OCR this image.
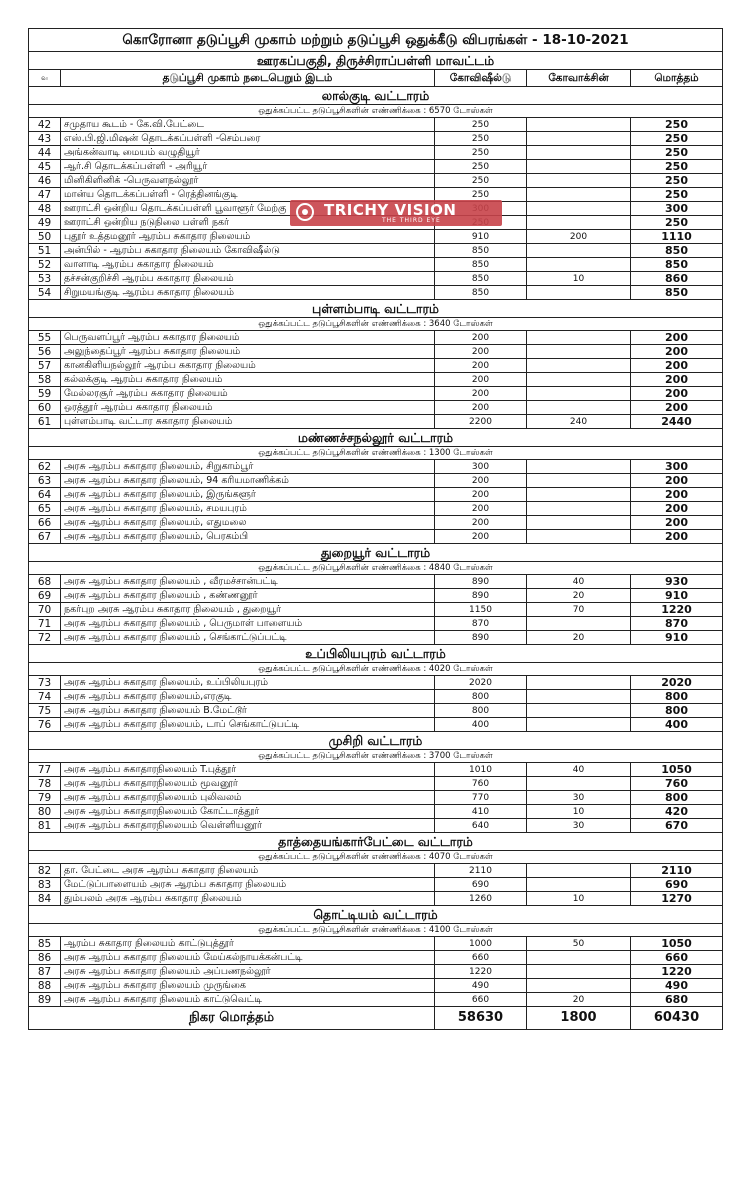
கொரோனா தடுப்பூசி முகாம் மற்றும் தடுப்பூசி ஒதுக்கீடு விபரங்கள் - 18-10-2021				
ஊரகப்பகுதி, திருச்சிராப்பள்ளி மாவட்டம்				
வ	தடுப்பூசி முகாம் நடைபெறும் இடம்	கோவிஷீல்டு	கோவாக்சின்	மொத்தம்
லால்குடி வட்டாரம்				
ஒதுக்கப்பட்ட தடுப்பூசிகளின் எண்ணிக்கை : 6570 டோஸ்கள்				
42	சமுதாய கூடம் - கே.வி.பேட்டை	250		250
43	எஸ்.பி.ஜி.மிஷன் தொடக்கப்பள்ளி -செம்பரை	250		250
44	அங்கன்வாடி மையம் வழுதியூர்	250		250
45	ஆர்.சி தொடக்கப்பள்ளி - அரியூர்	250		250
46	மினிகிளினிக் -பெருவளநல்லூர்	250		250
47	மான்ய தொடக்கப்பள்ளி - ரெத்தினங்குடி	250		250
48	ஊராட்சி ஒன்றிய தொடக்கப்பள்ளி பூவாளூர் மேற்கு			300
49	ஊராட்சி ஒன்றிய நடுநிலை பள்ளி நகர்			250
50	புதூர் உத்தமனூர் ஆரம்ப சுகாதார நிலையம்	910	200	1110
51	அன்பில் - ஆரம்ப சுகாதார நிலையம் கோவிஷீல்டு	850		850
52	வாளாடி ஆரம்ப சுகாதார நிலையம்	850		850
53	தச்சன்குறிச்சி ஆரம்ப சுகாதார நிலையம்	850	10	860
54	சிறுமயங்குடி ஆரம்ப சுகாதார நிலையம்	850		850
புள்ளம்பாடி வட்டாரம்				
ஒதுக்கப்பட்ட தடுப்பூசிகளின் எண்ணிக்கை : 3640 டோஸ்கள்				
55	பெருவளப்பூர் ஆரம்ப சுகாதார நிலையம்	200		200
56	அலுந்தைப்பூர் ஆரம்ப சுகாதார நிலையம்	200		200
57	கானகிளியநல்லூர் ஆரம்ப சுகாதார நிலையம்	200		200
58	கல்லக்குடி ஆரம்ப சுகாதார நிலையம்	200		200
59	மேல்லரசூர் ஆரம்ப சுகாதார நிலையம்	200		200
60	ஒரத்தூர் ஆரம்ப சுகாதார நிலையம்	200		200
61	புள்ளம்பாடி வட்டார சுகாதார நிலையம்	2200	240	2440
மண்ணச்சநல்லூர் வட்டாரம்				
ஒதுக்கப்பட்ட தடுப்பூசிகளின் எண்ணிக்கை : 1300 டோஸ்கள்				
62	அரசு ஆரம்ப சுகாதார நிலையம், சிறுகாம்பூர்	300		300
63	அரசு ஆரம்ப சுகாதார நிலையம், 94 கரியமாணிக்கம்	200		200
64	அரசு ஆரம்ப சுகாதார நிலையம், இருங்களூர்	200		200
65	அரசு ஆரம்ப சுகாதார நிலையம், சமயபுரம்	200		200
66	அரசு ஆரம்ப சுகாதார நிலையம், எதுமலை	200		200
67	அரசு ஆரம்ப சுகாதார நிலையம், பெரகம்பி	200		200
துறையூர் வட்டாரம்				
ஒதுக்கப்பட்ட தடுப்பூசிகளின் எண்ணிக்கை : 4840 டோஸ்கள்				
68	அரசு ஆரம்ப சுகாதார நிலையம் , வீரமச்சான்பட்டி	890	40	930
69	அரசு ஆரம்ப சுகாதார நிலையம் , கண்ணனூர்	890	20	910
70	நகர்புற அரசு ஆரம்ப சுகாதார நிலையம் , துறையூர்	1150	70	1220
71	அரசு ஆரம்ப சுகாதார நிலையம் , பெருமாள் பாளையம்	870		870
72	அரசு ஆரம்ப சுகாதார நிலையம் , செங்காட்டுப்பட்டி	890	20	910
உப்பிலியபுரம் வட்டாரம்				
ஒதுக்கப்பட்ட தடுப்பூசிகளின் எண்ணிக்கை : 4020 டோஸ்கள்				
73	அரசு ஆரம்ப சுகாதார நிலையம், உப்பிலியபுரம்	2020		2020
74	அரசு ஆரம்ப சுகாதார நிலையம்,எரகுடி	800		800
75	அரசு ஆரம்ப சுகாதார நிலையம் B.மேட்டூர்	800		800
76	அரசு ஆரம்ப சுகாதார நிலையம், டாப் செங்காட்டுபட்டி	400		400
முசிறி வட்டாரம்				
ஒதுக்கப்பட்ட தடுப்பூசிகளின் எண்ணிக்கை : 3700 டோஸ்கள்				
77	அரசு ஆரம்ப சுகாதாரநிலையம் T.புத்தூர்	1010	40	1050
78	அரசு ஆரம்ப சுகாதாரநிலையம் மூவனூர்	760		760
79	அரசு ஆரம்ப சுகாதாரநிலையம் புலிவலம்	770	30	800
80	அரசு ஆரம்ப சுகாதாரநிலையம் கோட்டாத்தூர்	410	10	420
81	அரசு ஆரம்ப சுகாதாரநிலையம் வெள்ளியனூர்	640	30	670
தாத்தையங்கார்பேட்டை வட்டாரம்				
ஒதுக்கப்பட்ட தடுப்பூசிகளின் எண்ணிக்கை : 4070 டோஸ்கள்				
82	தா. பேட்டை அரசு ஆரம்ப சுகாதார நிலையம்	2110		2110
83	மேட்டுப்பாளையம் அரசு ஆரம்ப சுகாதார நிலையம்	690		690
84	தும்பலம் அரசு ஆரம்ப சுகாதார நிலையம்	1260	10	1270
தொட்டியம் வட்டாரம்				
ஒதுக்கப்பட்ட தடுப்பூசிகளின் எண்ணிக்கை : 4100 டோஸ்கள்				
85	ஆரம்ப சுகாதார நிலையம் காட்டுபுத்தூர்	1000	50	1050
86	அரசு ஆரம்ப சுகாதார நிலையம் மேய்கல்நாயக்கன்பட்டி	660		660
87	அரசு ஆரம்ப சுகாதார நிலையம் அப்பணநல்லூர்	1220		1220
88	அரசு ஆரம்ப சுகாதார நிலையம் முருங்கை	490		490
89	அரசு ஆரம்ப சுகாதார நிலையம் காட்டுவெட்டி	660	20	680
நிகர மொத்தம்		58630	1800	60430
TRICHY VISION
THE THIRD EYE
